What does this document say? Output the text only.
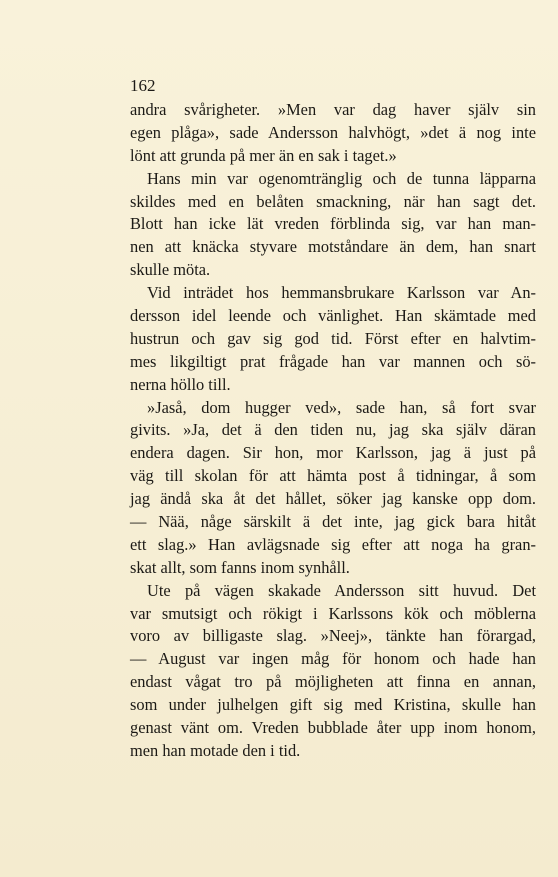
162
andra svårigheter. »Men var dag haver själv sin
egen plåga», sade Andersson halvhögt, »det ä nog inte
lönt att grunda på mer än en sak i taget.»
Hans min var ogenomtränglig och de tunna läpparna
skildes med en belåten smackning, när han sagt det.
Blott han icke lät vreden förblinda sig, var han man-
nen att knäcka styvare motståndare än dem, han snart
skulle möta.
Vid inträdet hos hemmansbrukare Karlsson var An-
dersson idel leende och vänlighet. Han skämtade med
hustrun och gav sig god tid. Först efter en halvtim-
mes likgiltigt prat frågade han var mannen och sö-
nerna höllo till.
»Jaså, dom hugger ved», sade han, så fort svar
givits. »Ja, det ä den tiden nu, jag ska själv däran
endera dagen. Sir hon, mor Karlsson, jag ä just på
väg till skolan för att hämta post å tidningar, å som
jag ändå ska åt det hållet, söker jag kanske opp dom.
— Nää, någe särskilt ä det inte, jag gick bara hitåt
ett slag.» Han avlägsnade sig efter att noga ha gran-
skat allt, som fanns inom synhåll.
Ute på vägen skakade Andersson sitt huvud. Det
var smutsigt och rökigt i Karlssons kök och möblerna
voro av billigaste slag. »Neej», tänkte han förargad,
— August var ingen måg för honom och hade han
endast vågat tro på möjligheten att finna en annan,
som under julhelgen gift sig med Kristina, skulle han
genast vänt om. Vreden bubblade åter upp inom honom,
men han motade den i tid.
